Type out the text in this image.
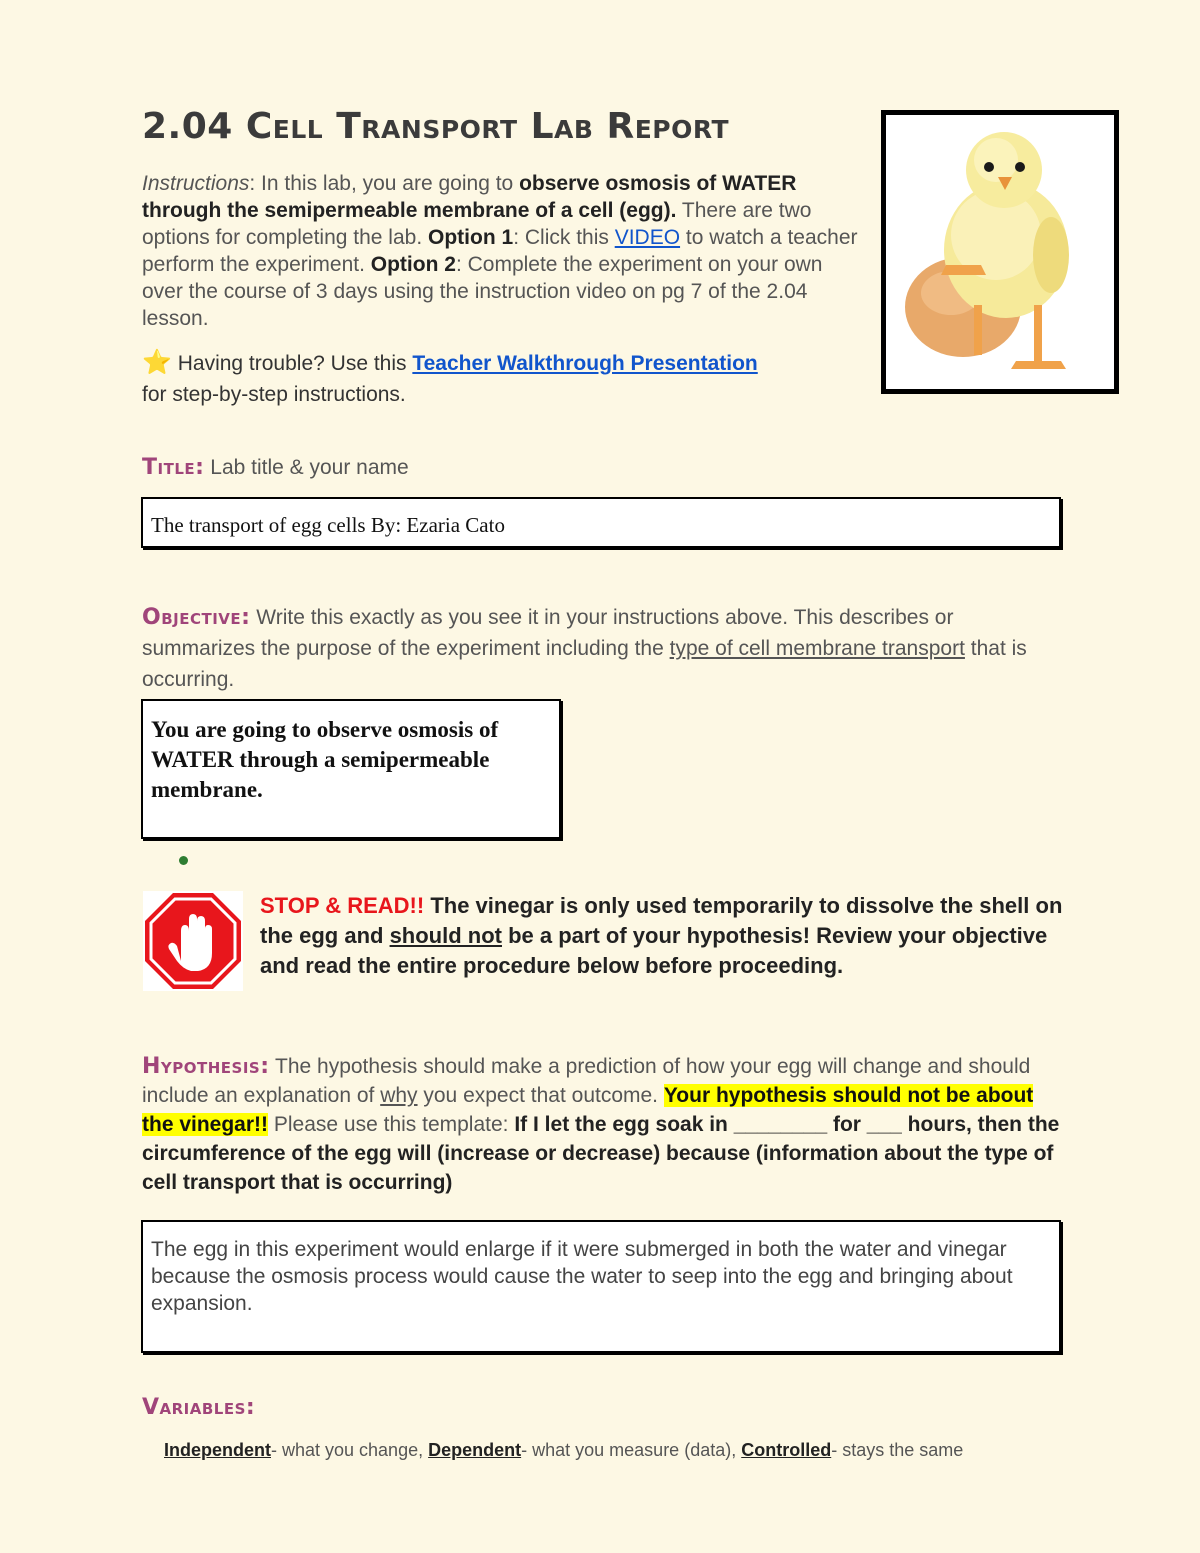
2.04 Cell Transport Lab Report
Instructions: In this lab, you are going to observe osmosis of WATER through the semipermeable membrane of a cell (egg). There are two options for completing the lab. Option 1: Click this VIDEO to watch a teacher perform the experiment. Option 2: Complete the experiment on your own over the course of 3 days using the instruction video on pg 7 of the 2.04 lesson.
⭐ Having trouble? Use this Teacher Walkthrough Presentation
for step-by-step instructions.
Title: Lab title & your name
The transport of egg cells By: Ezaria Cato
Objective: Write this exactly as you see it in your instructions above. This describes or summarizes the purpose of the experiment including the type of cell membrane transport that is occurring.
You are going to observe osmosis of WATER through a semipermeable membrane.
STOP & READ!! The vinegar is only used temporarily to dissolve the shell on the egg and should not be a part of your hypothesis! Review your objective and read the entire procedure below before proceeding.
Hypothesis: The hypothesis should make a prediction of how your egg will change and should include an explanation of why you expect that outcome. Your hypothesis should not be about the vinegar!! Please use this template: If I let the egg soak in ________ for ___ hours, then the circumference of the egg will (increase or decrease) because (information about the type of cell transport that is occurring)
The egg in this experiment would enlarge if it were submerged in both the water and vinegar because the osmosis process would cause the water to seep into the egg and bringing about expansion.
Variables:
Independent- what you change, Dependent- what you measure (data), Controlled- stays the same
